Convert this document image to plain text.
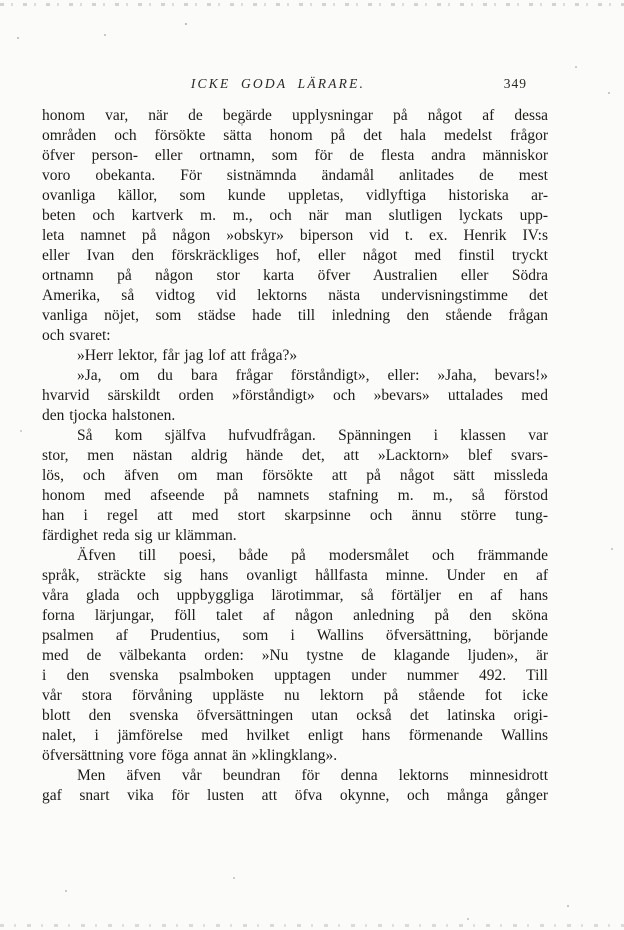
ICKE GODA LÄRARE.	349
honom var, när de begärde upplysningar på något af dessa
områden och försökte sätta honom på det hala medelst frågor
öfver person- eller ortnamn, som för de flesta andra människor
voro obekanta. För sistnämnda ändamål anlitades de mest
ovanliga källor, som kunde uppletas, vidlyftiga historiska ar-
beten och kartverk m. m., och när man slutligen lyckats upp-
leta namnet på någon »obskyr» biperson vid t. ex. Henrik IV:s
eller Ivan den förskräckliges hof, eller något med finstil tryckt
ortnamn på någon stor karta öfver Australien eller Södra
Amerika, så vidtog vid lektorns nästa undervisningstimme det
vanliga nöjet, som städse hade till inledning den stående frågan
och svaret:
»Herr lektor, får jag lof att fråga?»
»Ja, om du bara frågar förståndigt», eller: »Jaha, bevars!»
hvarvid särskildt orden »förståndigt» och »bevars» uttalades med
den tjocka halstonen.
Så kom själfva hufvudfrågan. Spänningen i klassen var
stor, men nästan aldrig hände det, att »Lacktorn» blef svars-
lös, och äfven om man försökte att på något sätt missleda
honom med afseende på namnets stafning m. m., så förstod
han i regel att med stort skarpsinne och ännu större tung-
färdighet reda sig ur klämman.
Äfven till poesi, både på modersmålet och främmande
språk, sträckte sig hans ovanligt hållfasta minne. Under en af
våra glada och uppbyggliga lärotimmar, så förtäljer en af hans
forna lärjungar, föll talet af någon anledning på den sköna
psalmen af Prudentius, som i Wallins öfversättning, börjande
med de välbekanta orden: »Nu tystne de klagande ljuden», är
i den svenska psalmboken upptagen under nummer 492. Till
vår stora förvåning uppläste nu lektorn på stående fot icke
blott den svenska öfversättningen utan också det latinska origi-
nalet, i jämförelse med hvilket enligt hans förmenande Wallins
öfversättning vore föga annat än »klingklang».
Men äfven vår beundran för denna lektorns minnesidrott
gaf snart vika för lusten att öfva okynne, och många gånger
